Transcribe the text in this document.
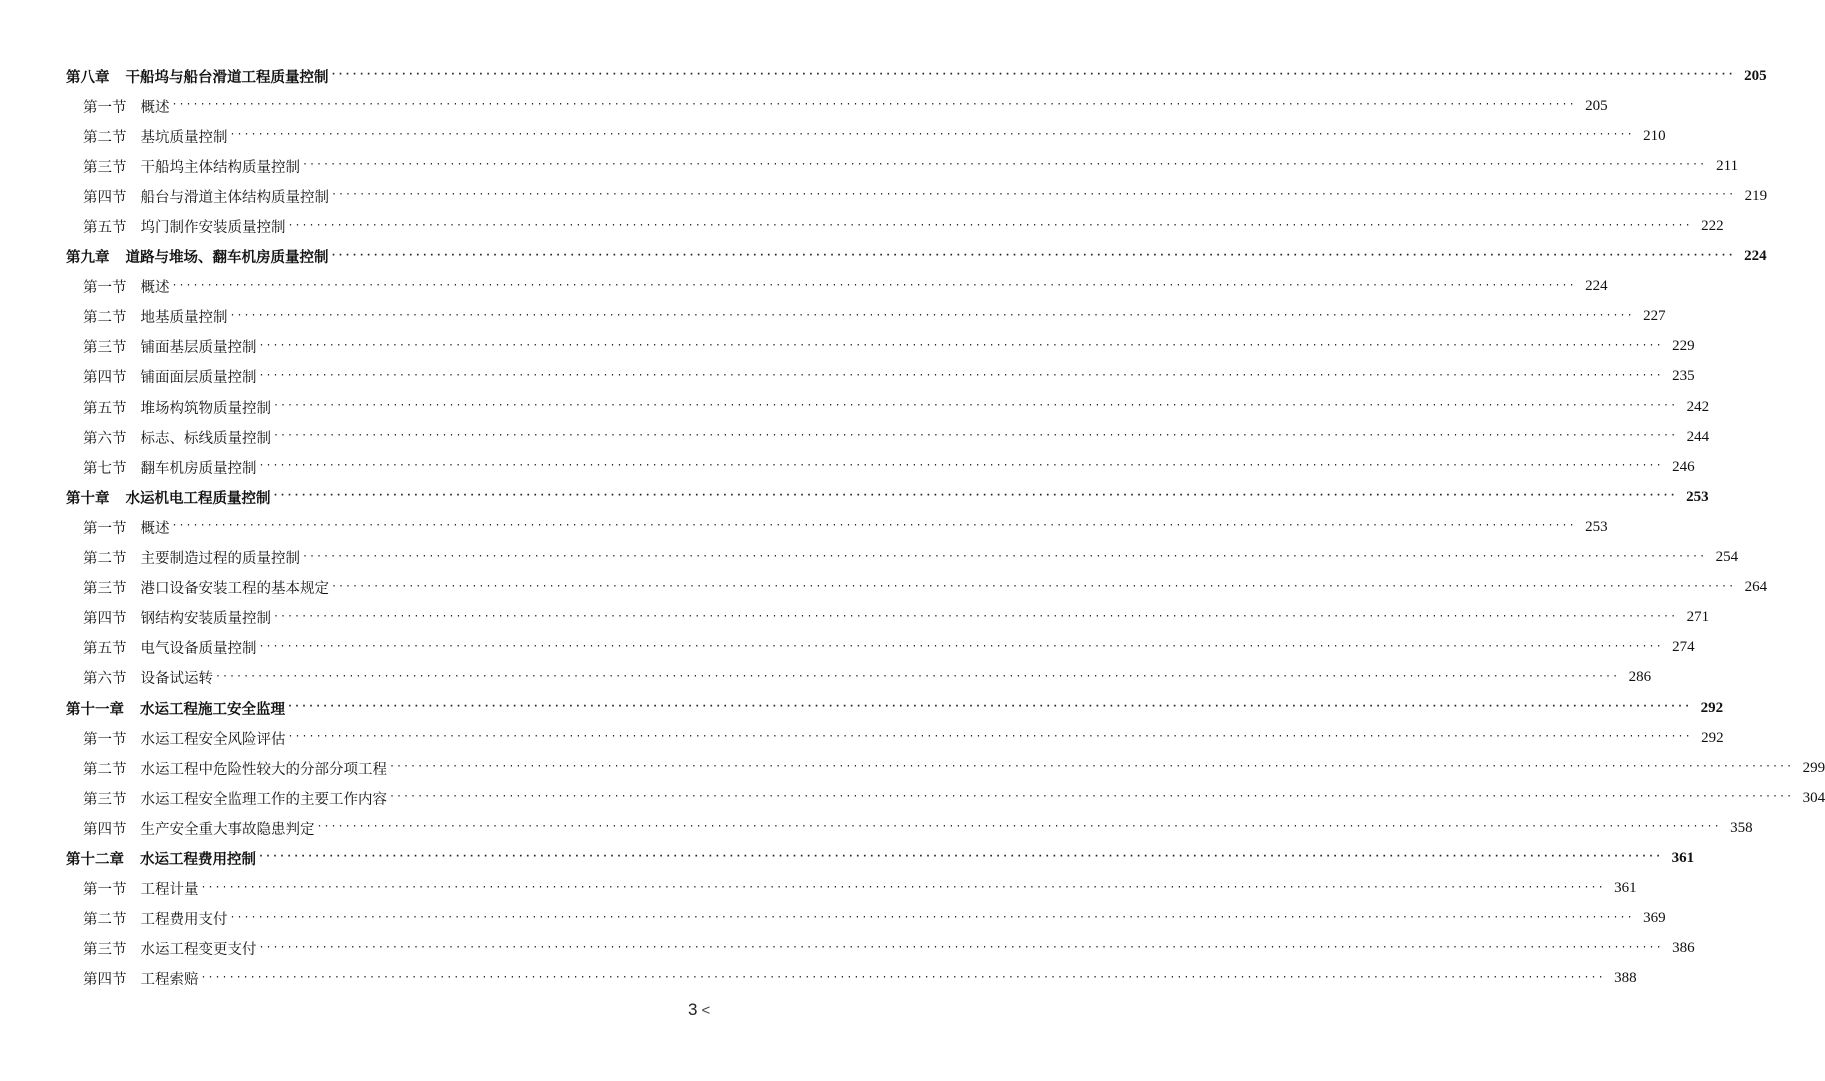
第八章 干船坞与船台滑道工程质量控制 ········································································································································································································ 205
第一节 概述 ········································································································································································································ 205
第二节 基坑质量控制 ········································································································································································································ 210
第三节 干船坞主体结构质量控制 ········································································································································································································ 211
第四节 船台与滑道主体结构质量控制 ········································································································································································································ 219
第五节 坞门制作安装质量控制 ········································································································································································································ 222
第九章 道路与堆场、翻车机房质量控制 ········································································································································································································ 224
第一节 概述 ········································································································································································································ 224
第二节 地基质量控制 ········································································································································································································ 227
第三节 铺面基层质量控制 ········································································································································································································ 229
第四节 铺面面层质量控制 ········································································································································································································ 235
第五节 堆场构筑物质量控制 ········································································································································································································ 242
第六节 标志、标线质量控制 ········································································································································································································ 244
第七节 翻车机房质量控制 ········································································································································································································ 246
第十章 水运机电工程质量控制 ········································································································································································································ 253
第一节 概述 ········································································································································································································ 253
第二节 主要制造过程的质量控制 ········································································································································································································ 254
第三节 港口设备安装工程的基本规定 ········································································································································································································ 264
第四节 钢结构安装质量控制 ········································································································································································································ 271
第五节 电气设备质量控制 ········································································································································································································ 274
第六节 设备试运转 ········································································································································································································ 286
第十一章 水运工程施工安全监理 ········································································································································································································ 292
第一节 水运工程安全风险评估 ········································································································································································································ 292
第二节 水运工程中危险性较大的分部分项工程 ········································································································································································································ 299
第三节 水运工程安全监理工作的主要工作内容 ········································································································································································································ 304
第四节 生产安全重大事故隐患判定 ········································································································································································································ 358
第十二章 水运工程费用控制 ········································································································································································································ 361
第一节 工程计量 ········································································································································································································ 361
第二节 工程费用支付 ········································································································································································································ 369
第三节 水运工程变更支付 ········································································································································································································ 386
第四节 工程索赔 ········································································································································································································ 388
3 <
